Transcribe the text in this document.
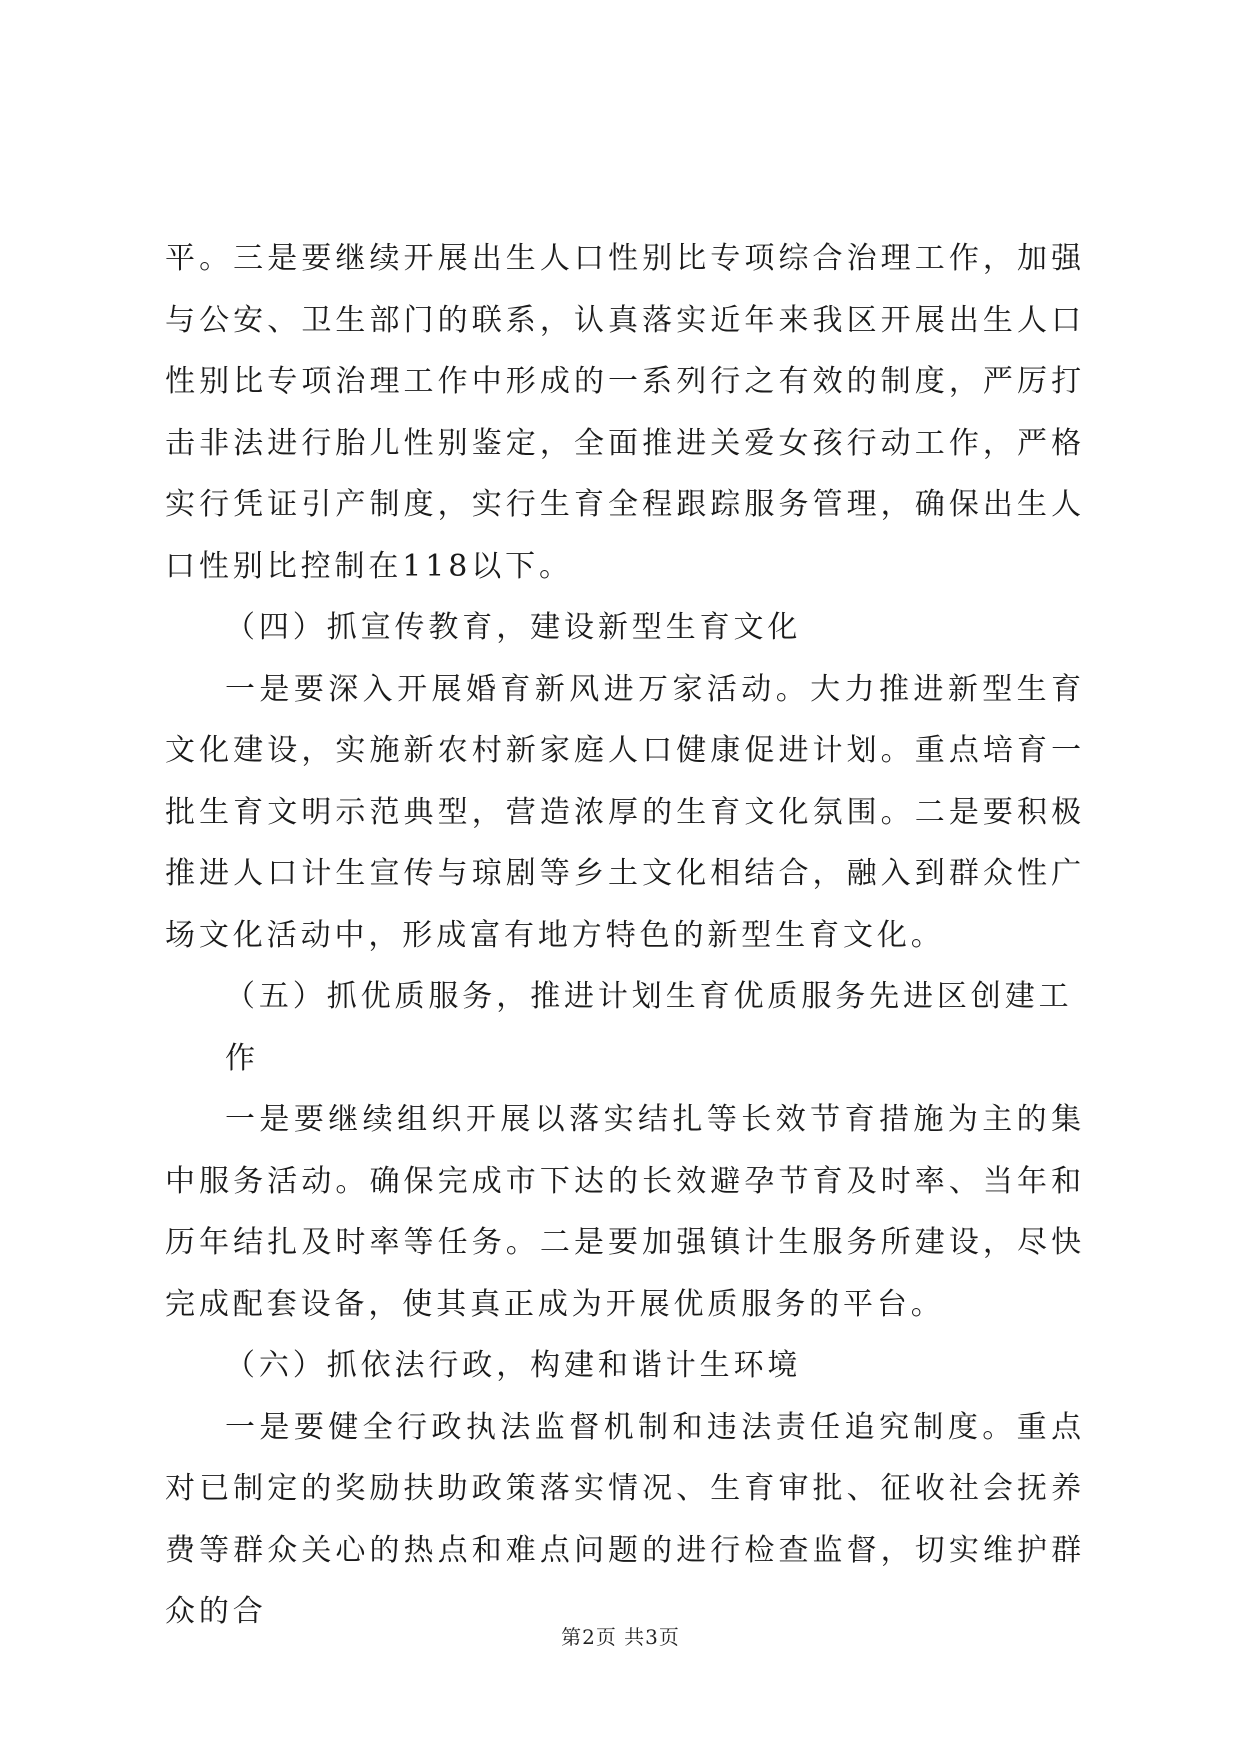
平。三是要继续开展出生人口性别比专项综合治理工作，加强与公安、卫生部门的联系，认真落实近年来我区开展出生人口性别比专项治理工作中形成的一系列行之有效的制度，严厉打击非法进行胎儿性别鉴定，全面推进关爱女孩行动工作，严格实行凭证引产制度，实行生育全程跟踪服务管理，确保出生人口性别比控制在118以下。

（四）抓宣传教育，建设新型生育文化

一是要深入开展婚育新风进万家活动。大力推进新型生育文化建设，实施新农村新家庭人口健康促进计划。重点培育一批生育文明示范典型，营造浓厚的生育文化氛围。二是要积极推进人口计生宣传与琼剧等乡土文化相结合，融入到群众性广场文化活动中，形成富有地方特色的新型生育文化。

（五）抓优质服务，推进计划生育优质服务先进区创建工作

一是要继续组织开展以落实结扎等长效节育措施为主的集中服务活动。确保完成市下达的长效避孕节育及时率、当年和历年结扎及时率等任务。二是要加强镇计生服务所建设，尽快完成配套设备，使其真正成为开展优质服务的平台。

（六）抓依法行政，构建和谐计生环境

一是要健全行政执法监督机制和违法责任追究制度。重点对已制定的奖励扶助政策落实情况、生育审批、征收社会抚养费等群众关心的热点和难点问题的进行检查监督，切实维护群众的合

第2页 共3页
